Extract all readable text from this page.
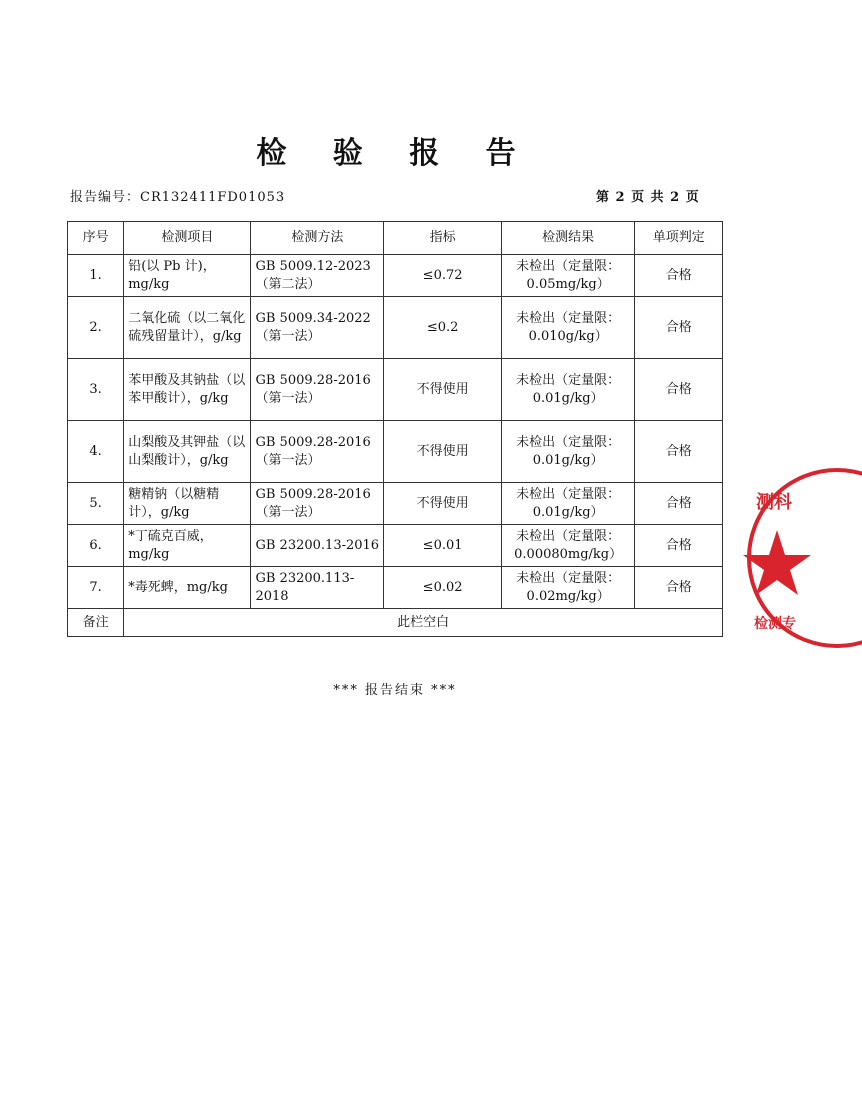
检 验 报 告
报告编号：CR132411FD01053	第 2 页 共 2 页
序号	检测项目	检测方法	指标	检测结果	单项判定
1.	铅(以 Pb 计)，mg/kg	GB 5009.12-2023（第二法）	≤0.72	未检出（定量限：0.05mg/kg）	合格
2.	二氧化硫（以二氧化硫残留量计），g/kg	GB 5009.34-2022（第一法）	≤0.2	未检出（定量限：0.010g/kg）	合格
3.	苯甲酸及其钠盐（以苯甲酸计），g/kg	GB 5009.28-2016（第一法）	不得使用	未检出（定量限：0.01g/kg）	合格
4.	山梨酸及其钾盐（以山梨酸计），g/kg	GB 5009.28-2016（第一法）	不得使用	未检出（定量限：0.01g/kg）	合格
5.	糖精钠（以糖精计），g/kg	GB 5009.28-2016（第一法）	不得使用	未检出（定量限：0.01g/kg）	合格
6.	*丁硫克百威，mg/kg	GB 23200.13-2016	≤0.01	未检出（定量限：0.00080mg/kg）	合格
7.	*毒死蜱，mg/kg	GB 23200.113-2018	≤0.02	未检出（定量限：0.02mg/kg）	合格
备注	此栏空白				
*** 报告结束 ***
测科
检测专
